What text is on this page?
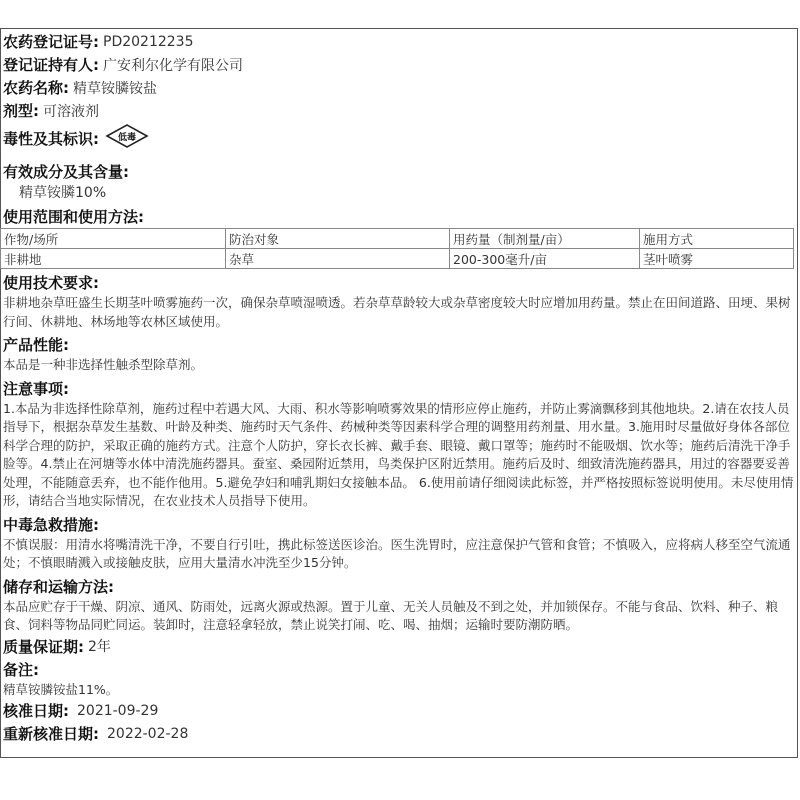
农药登记证号: PD20212235
登记证持有人: 广安利尔化学有限公司
农药名称: 精草铵膦铵盐
剂型: 可溶液剂
毒性及其标识: 低毒
有效成分及其含量:
精草铵膦10%
使用范围和使用方法:
作物/场所	防治对象	用药量（制剂量/亩）	施用方式
非耕地	杂草	200-300毫升/亩	茎叶喷雾
使用技术要求:
非耕地杂草旺盛生长期茎叶喷雾施药一次，确保杂草喷湿喷透。若杂草草龄较大或杂草密度较大时应增加用药量。禁止在田间道路、田埂、果树行间、休耕地、林场地等农林区域使用。
产品性能:
本品是一种非选择性触杀型除草剂。
注意事项:
1.本品为非选择性除草剂，施药过程中若遇大风、大雨、积水等影响喷雾效果的情形应停止施药，并防止雾滴飘移到其他地块。2.请在农技人员指导下，根据杂草发生基数、叶龄及种类、施药时天气条件、药械种类等因素科学合理的调整用药剂量、用水量。3.施用时尽量做好身体各部位科学合理的防护，采取正确的施药方式。注意个人防护，穿长衣长裤、戴手套、眼镜、戴口罩等；施药时不能吸烟、饮水等；施药后清洗干净手脸等。4.禁止在河塘等水体中清洗施药器具。蚕室、桑园附近禁用，鸟类保护区附近禁用。施药后及时、细致清洗施药器具，用过的容器要妥善处理，不能随意丢弃，也不能作他用。5.避免孕妇和哺乳期妇女接触本品。 6.使用前请仔细阅读此标签，并严格按照标签说明使用。未尽使用情形，请结合当地实际情况，在农业技术人员指导下使用。
中毒急救措施:
不慎误服：用清水将嘴清洗干净，不要自行引吐，携此标签送医诊治。医生洗胃时，应注意保护气管和食管；不慎吸入，应将病人移至空气流通处；不慎眼睛溅入或接触皮肤，应用大量清水冲洗至少15分钟。
储存和运输方法:
本品应贮存于干燥、阴凉、通风、防雨处，远离火源或热源。置于儿童、无关人员触及不到之处，并加锁保存。不能与食品、饮料、种子、粮食、饲料等物品同贮同运。装卸时，注意轻拿轻放，禁止说笑打闹、吃、喝、抽烟；运输时要防潮防晒。
质量保证期: 2年
备注:
精草铵膦铵盐11%。
核准日期: 2021-09-29
重新核准日期: 2022-02-28
